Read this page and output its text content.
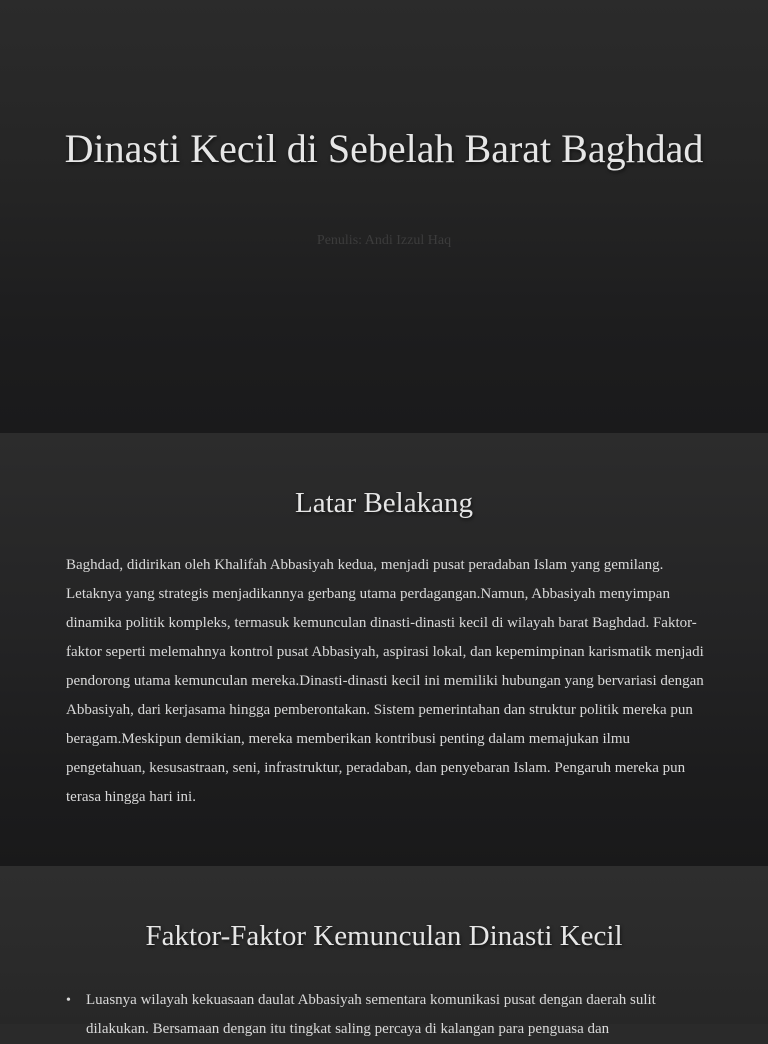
Dinasti Kecil di Sebelah Barat Baghdad
Penulis: Andi Izzul Haq
Latar Belakang

Baghdad, didirikan oleh Khalifah Abbasiyah kedua, menjadi pusat peradaban Islam yang gemilang. Letaknya yang strategis menjadikannya gerbang utama perdagangan.Namun, Abbasiyah menyimpan dinamika politik kompleks, termasuk kemunculan dinasti-dinasti kecil di wilayah barat Baghdad. Faktor-faktor seperti melemahnya kontrol pusat Abbasiyah, aspirasi lokal, dan kepemimpinan karismatik menjadi pendorong utama kemunculan mereka.Dinasti-dinasti kecil ini memiliki hubungan yang bervariasi dengan Abbasiyah, dari kerjasama hingga pemberontakan. Sistem pemerintahan dan struktur politik mereka pun beragam.Meskipun demikian, mereka memberikan kontribusi penting dalam memajukan ilmu pengetahuan, kesusastraan, seni, infrastruktur, peradaban, dan penyebaran Islam. Pengaruh mereka pun terasa hingga hari ini.

Faktor-Faktor Kemunculan Dinasti Kecil
• Luasnya wilayah kekuasaan daulat Abbasiyah sementara komunikasi pusat dengan daerah sulit dilakukan. Bersamaan dengan itu tingkat saling percaya di kalangan para penguasa dan
